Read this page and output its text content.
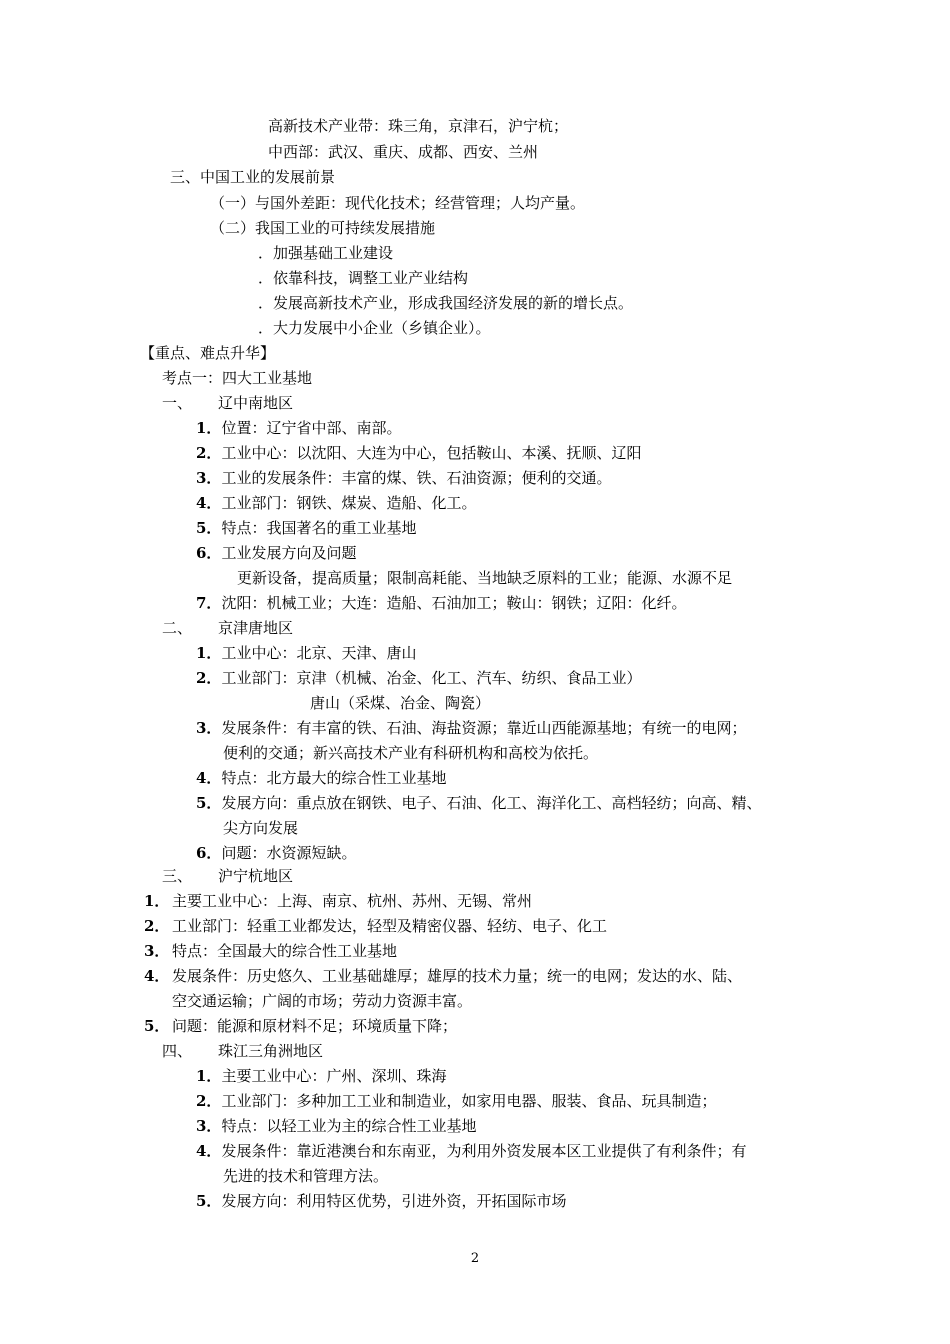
高新技术产业带：珠三角，京津石，沪宁杭；
中西部：武汉、重庆、成都、西安、兰州
三、中国工业的发展前景
（一）与国外差距：现代化技术；经营管理；人均产量。
（二）我国工业的可持续发展措施
．加强基础工业建设
．依靠科技，调整工业产业结构
．发展高新技术产业，形成我国经济发展的新的增长点。
．大力发展中小企业（乡镇企业）。
【重点、难点升华】
考点一：四大工业基地
一、 辽中南地区
1．位置：辽宁省中部、南部。
2．工业中心：以沈阳、大连为中心，包括鞍山、本溪、抚顺、辽阳
3．工业的发展条件：丰富的煤、铁、石油资源；便利的交通。
4．工业部门：钢铁、煤炭、造船、化工。
5．特点：我国著名的重工业基地
6．工业发展方向及问题
更新设备，提高质量；限制高耗能、当地缺乏原料的工业；能源、水源不足
7．沈阳：机械工业；大连：造船、石油加工；鞍山：钢铁；辽阳：化纤。
二、 京津唐地区
1．工业中心：北京、天津、唐山
2．工业部门：京津（机械、冶金、化工、汽车、纺织、食品工业）
唐山（采煤、冶金、陶瓷）
3．发展条件：有丰富的铁、石油、海盐资源；靠近山西能源基地；有统一的电网；
便利的交通；新兴高技术产业有科研机构和高校为依托。
4．特点：北方最大的综合性工业基地
5．发展方向：重点放在钢铁、电子、石油、化工、海洋化工、高档轻纺；向高、精、
尖方向发展
6．问题：水资源短缺。
三、 沪宁杭地区
1． 主要工业中心：上海、南京、杭州、苏州、无锡、常州
2． 工业部门：轻重工业都发达，轻型及精密仪器、轻纺、电子、化工
3． 特点：全国最大的综合性工业基地
4． 发展条件：历史悠久、工业基础雄厚；雄厚的技术力量；统一的电网；发达的水、陆、
空交通运输；广阔的市场；劳动力资源丰富。
5． 问题：能源和原材料不足；环境质量下降；
四、 珠江三角洲地区
1．主要工业中心：广州、深圳、珠海
2．工业部门：多种加工工业和制造业，如家用电器、服装、食品、玩具制造；
3．特点：以轻工业为主的综合性工业基地
4．发展条件：靠近港澳台和东南亚，为利用外资发展本区工业提供了有利条件；有
先进的技术和管理方法。
5．发展方向：利用特区优势，引进外资，开拓国际市场
2
